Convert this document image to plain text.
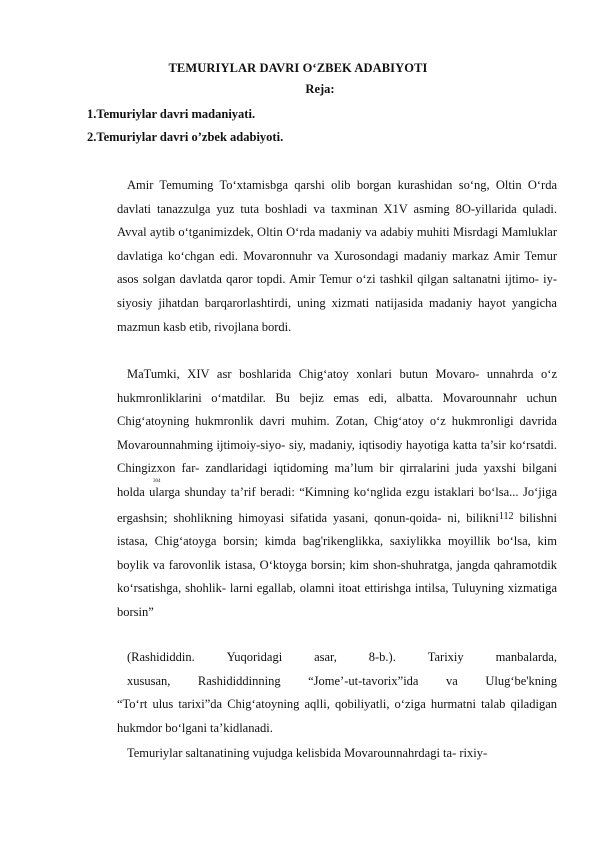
TEMURIYLAR DAVRI O‘ZBEK ADABIYOTI
Reja:
1.Temuriylar davri madaniyati.
2.Temuriylar davri o’zbek adabiyoti.

Amir Temuming To‘xtamisbga qarshi olib borgan kurashidan so‘ng, Oltin O‘rda davlati tanazzulga yuz tuta boshladi va taxminan X1V asming 8O-yillarida quladi. Avval aytib o‘tganimizdek, Oltin O‘rda madaniy va adabiy muhiti Misrdagi Mamluklar davlatiga ko‘chgan edi. Movaronnuhr va Xurosondagi madaniy markaz Amir Temur asos solgan davlatda qaror topdi. Amir Temur o‘zi tashkil qilgan saltanatni ijtimo- iy-siyosiy jihatdan barqarorlashtirdi, uning xizmati natijasida madaniy hayot yangicha mazmun kasb etib, rivojlana bordi.

MaTumki, XIV asr boshlarida Chig‘atoy xonlari butun Movaro- unnahrda o‘z hukmronliklarini o‘matdilar. Bu bejiz emas edi, albatta. Movarounnahr uchun Chig‘atoyning hukmronlik davri muhim. Zotan, Chig‘atoy o‘z hukmronligi davrida Movarounnahming ijtimoiy-siyo- siy, madaniy, iqtisodiy hayotiga katta ta’sir ko‘rsatdi. Chingizxon far- zandlaridagi iqtidoming ma’lum bir qirralarini juda yaxshi bilgani holda ularga shunday ta’rif beradi: “Kimning ko‘nglida ezgu istaklari bo‘lsa... Jo‘jiga ergashsin; shohlikning himoyasi sifatida yasani, qonun-qoida- ni, bilikni$^{112}$ bilishni istasa, Chig‘atoyga borsin; kimda bag'rikenglikka, saxiylikka moyillik bo‘lsa, kim boylik va farovonlik istasa, O‘ktoyga borsin; kim shon-shuhratga, jangda qahramotdik ko‘rsatishga, shohlik- larni egallab, olamni itoat ettirishga intilsa, Tuluyning xizmatiga borsin”

304
(Rashididdin.	Yuqoridagi	asar,	8-b.).	Tarixiy	manbalarda,
xususan, Rashididdinning “Jome’-ut-tavorix”ida va Ulug‘be'kning
“To‘rt ulus tarixi”da Chig‘atoyning aqlli, qobiliyatli, o‘ziga hurmatni talab qiladigan hukmdor bo‘lgani ta’kidlanadi.

Temuriylar saltanatining vujudga kelisbida Movarounnahrdagi ta- rixiy-
